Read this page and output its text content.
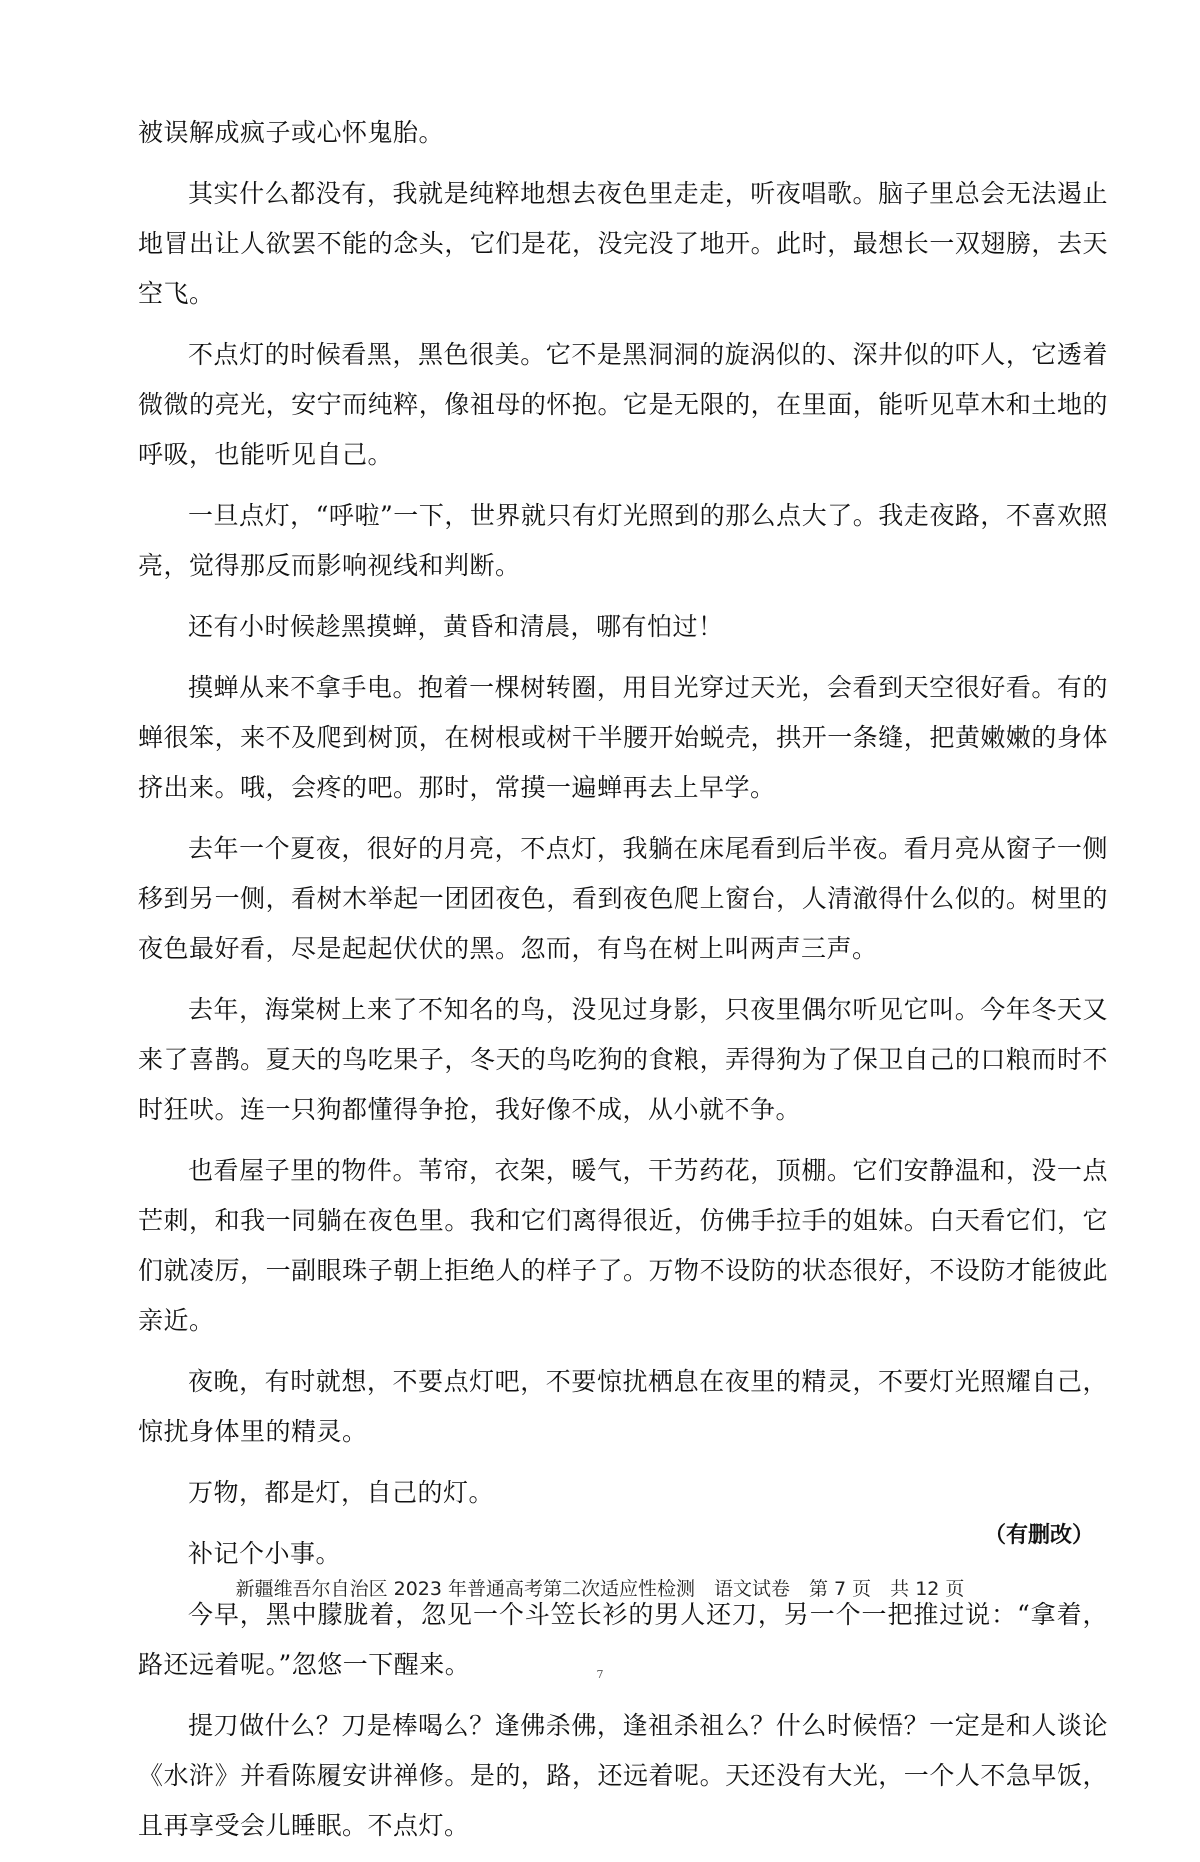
被误解成疯子或心怀鬼胎。

其实什么都没有，我就是纯粹地想去夜色里走走，听夜唱歌。脑子里总会无法遏止地冒出让人欲罢不能的念头，它们是花，没完没了地开。此时，最想长一双翅膀，去天空飞。

不点灯的时候看黑，黑色很美。它不是黑洞洞的旋涡似的、深井似的吓人，它透着微微的亮光，安宁而纯粹，像祖母的怀抱。它是无限的，在里面，能听见草木和土地的呼吸，也能听见自己。

一旦点灯，“呼啦”一下，世界就只有灯光照到的那么点大了。我走夜路，不喜欢照亮，觉得那反而影响视线和判断。

还有小时候趁黑摸蝉，黄昏和清晨，哪有怕过！

摸蝉从来不拿手电。抱着一棵树转圈，用目光穿过天光，会看到天空很好看。有的蝉很笨，来不及爬到树顶，在树根或树干半腰开始蜕壳，拱开一条缝，把黄嫩嫩的身体挤出来。哦，会疼的吧。那时，常摸一遍蝉再去上早学。

去年一个夏夜，很好的月亮，不点灯，我躺在床尾看到后半夜。看月亮从窗子一侧移到另一侧，看树木举起一团团夜色，看到夜色爬上窗台，人清澈得什么似的。树里的夜色最好看，尽是起起伏伏的黑。忽而，有鸟在树上叫两声三声。

去年，海棠树上来了不知名的鸟，没见过身影，只夜里偶尔听见它叫。今年冬天又来了喜鹊。夏天的鸟吃果子，冬天的鸟吃狗的食粮，弄得狗为了保卫自己的口粮而时不时狂吠。连一只狗都懂得争抢，我好像不成，从小就不争。

也看屋子里的物件。苇帘，衣架，暖气，干艻药花，顶棚。它们安静温和，没一点芒刺，和我一同躺在夜色里。我和它们离得很近，仿佛手拉手的姐妹。白天看它们，它们就凌厉，一副眼珠子朝上拒绝人的样子了。万物不设防的状态很好，不设防才能彼此亲近。

夜晚，有时就想，不要点灯吧，不要惊扰栖息在夜里的精灵，不要灯光照耀自己，惊扰身体里的精灵。

万物，都是灯，自己的灯。

补记个小事。

今早，黑中朦胧着，忽见一个斗笠长衫的男人还刀，另一个一把推过说：“拿着，路还远着呢。”忽悠一下醒来。

提刀做什么？刀是棒喝么？逢佛杀佛，逢祖杀祖么？什么时候悟？一定是和人谈论《水浒》并看陈履安讲禅修。是的，路，还远着呢。天还没有大光，一个人不急早饭，且再享受会儿睡眠。不点灯。

（有删改）
新疆维吾尔自治区 2023 年普通高考第二次适应性检测　语文试卷　第 7 页　共 12 页
7
